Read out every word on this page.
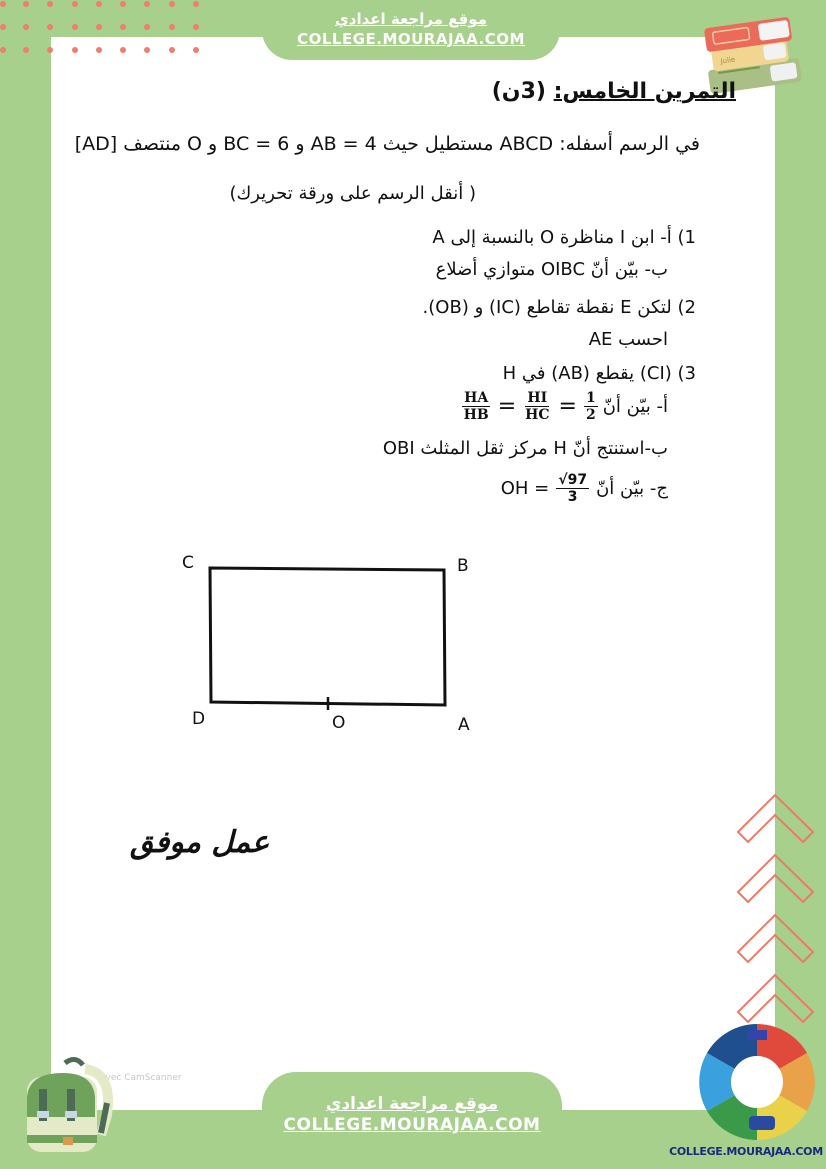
موقع مراجعة اعدادي
COLLEGE.MOURAJAA.COM
Julie
التمرين الخامس: (3ن)
في الرسم أسفله: ABCD مستطيل حيث AB = 4 و BC = 6 و O منتصف [AD]
( أنقل الرسم على ورقة تحريرك)
1) أ- ابن I مناظرة O بالنسبة إلى A
ب- بيّن أنّ OIBC متوازي أضلاع
2) لتكن E نقطة تقاطع (IC) و (OB).
احسب AE
3) (CI) يقطع (AB) في H
أ- بيّن أنّ
$\frac{HA}{HB} = \frac{HI}{HC} = \frac{1}{2}$
ب-استنتج أنّ H مركز ثقل المثلث OBI
ج- بيّن أنّ
OH = $\frac{√97}{3}$
C	B
D	O	A
عمل موفق
avec CamScanner
موقع مراجعة اعدادي
COLLEGE.MOURAJAA.COM
COLLEGE.MOURAJAA.COM
